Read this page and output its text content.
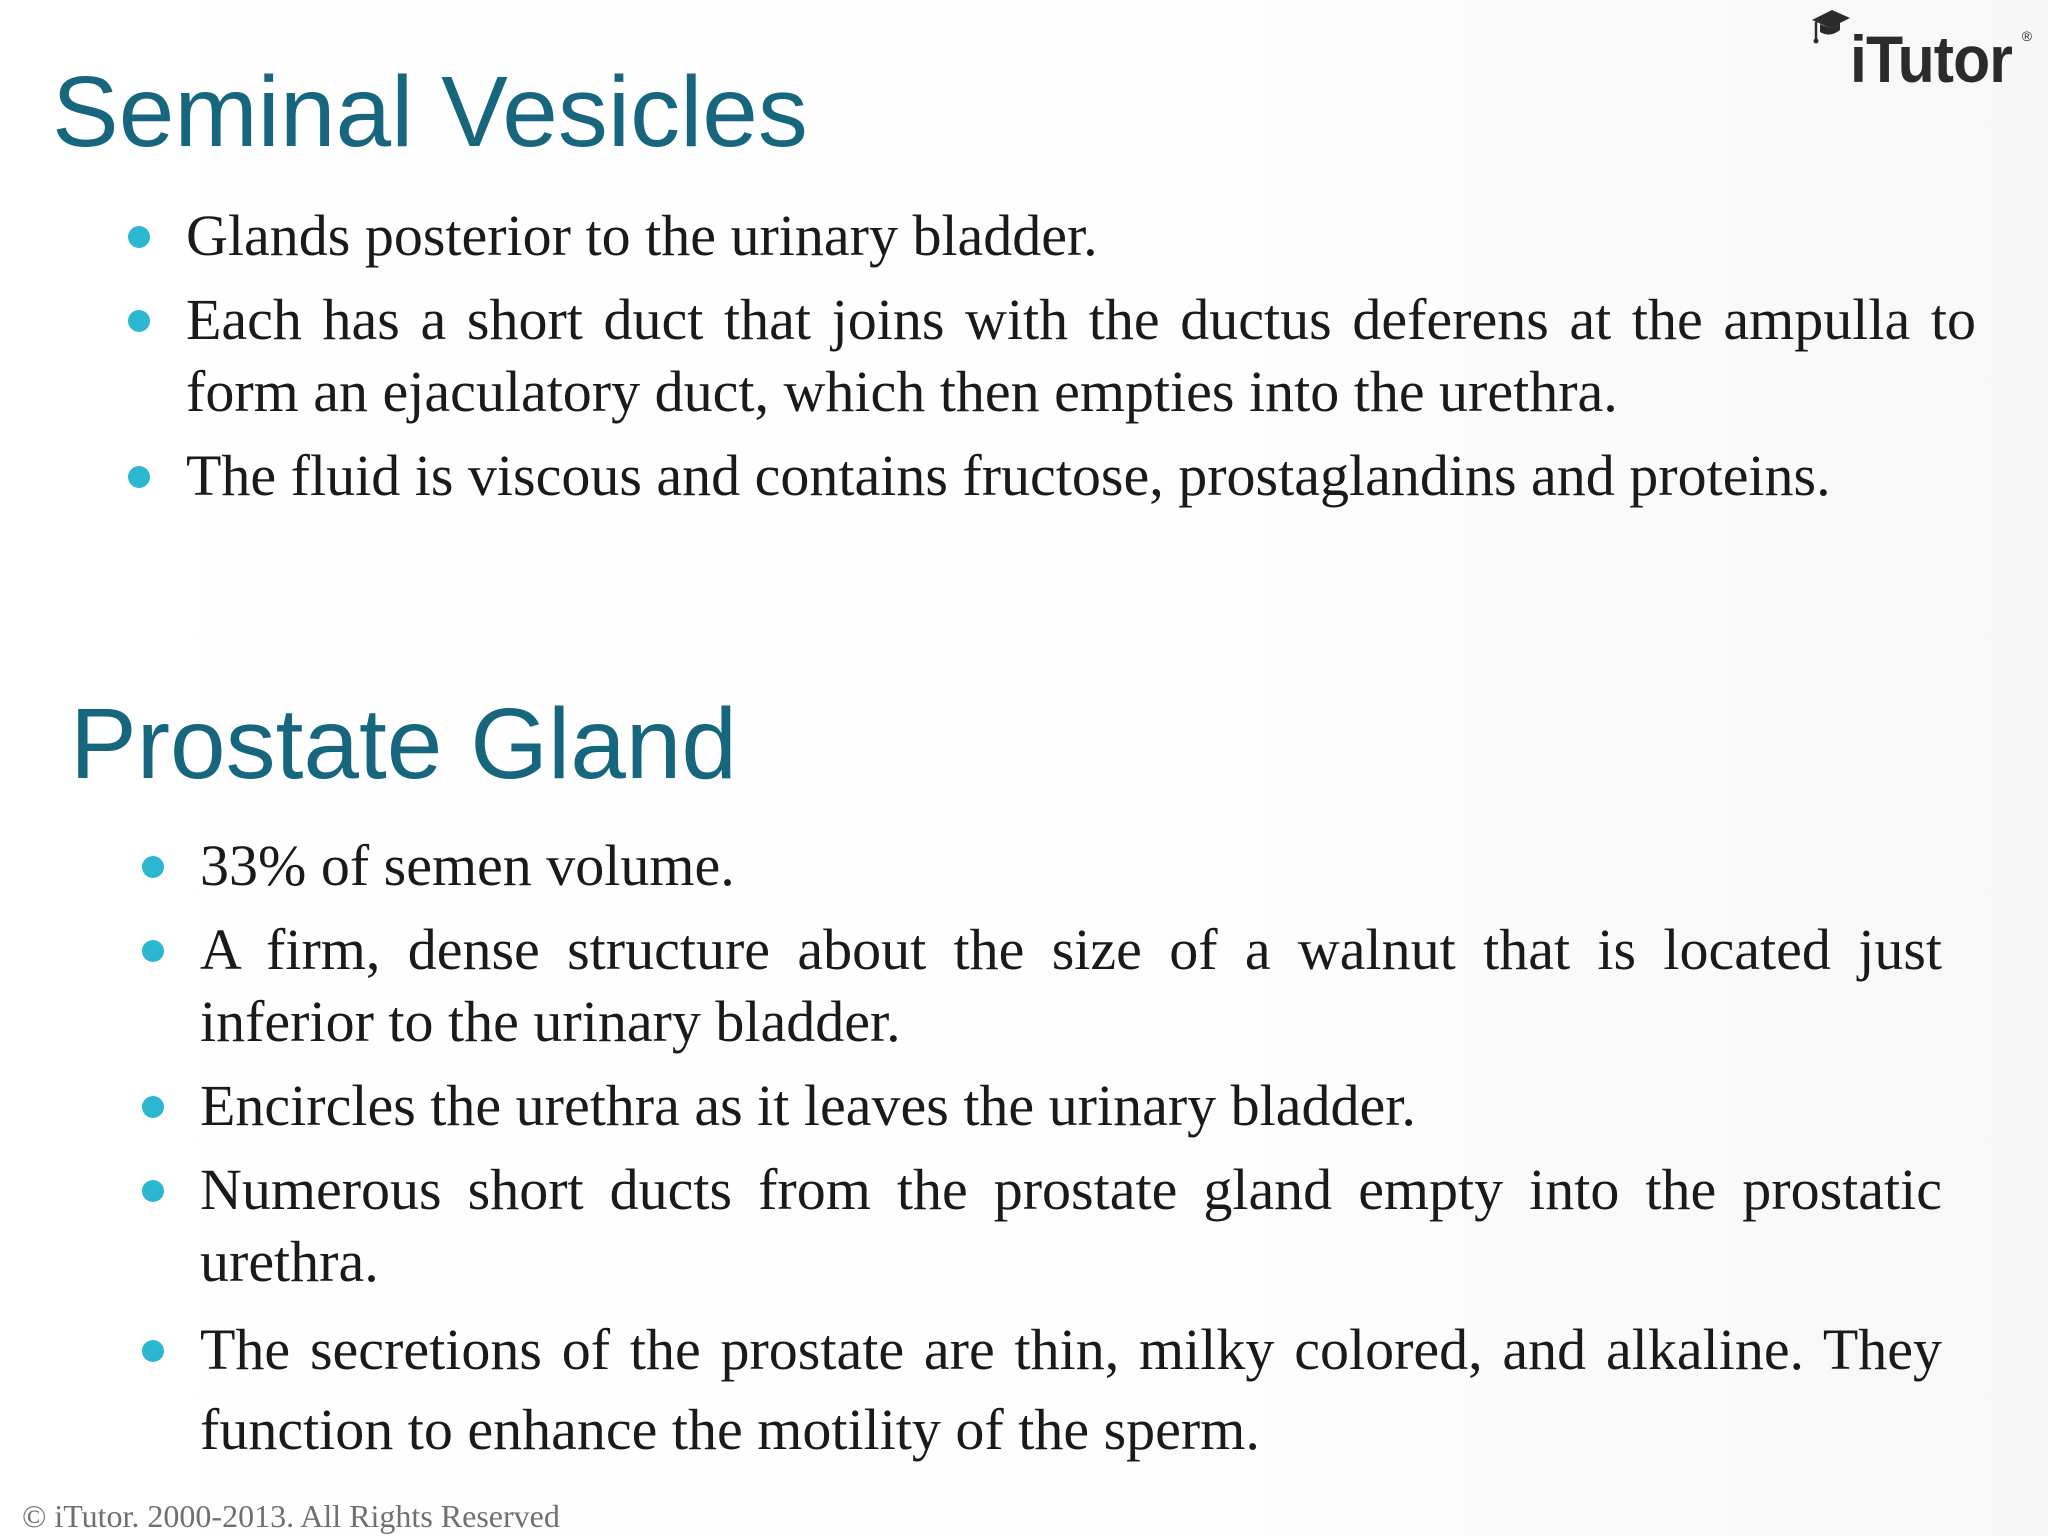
iTutor ®
Seminal Vesicles
Glands posterior to the urinary bladder.
Each has a short duct that joins with the ductus deferens at the ampulla to form an ejaculatory duct, which then empties into the urethra.
The fluid is viscous and contains fructose, prostaglandins and proteins.
Prostate Gland
33% of semen volume.
A firm, dense structure about the size of a walnut that is located just inferior to the urinary bladder.
Encircles the urethra as it leaves the urinary bladder.
Numerous short ducts from the prostate gland empty into the prostatic urethra.
The secretions of the prostate are thin, milky colored, and alkaline. They function to enhance the motility of the sperm.
© iTutor. 2000-2013. All Rights Reserved
